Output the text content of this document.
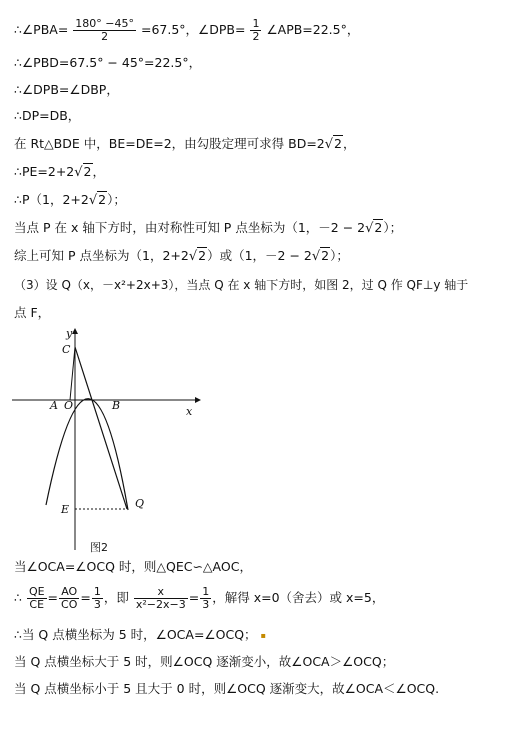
∴∠PBA= $\frac{180^\circ -45^\circ}{2} =67.5^\circ$，∠DPB= $\frac{1}{2}$ ∠APB=22.5°，
∴∠PBD=67.5° − 45°=22.5°，
∴∠DPB=∠DBP，
∴DP=DB，
在 Rt△BDE 中，BE=DE=2，由勾股定理可求得 BD=2√2，
∴PE=2+2√2，
∴P（1，2+2√2）；
当点 P 在 x 轴下方时，由对称性可知 P 点坐标为（1，－2 − 2√2）；
综上可知 P 点坐标为（1，2+2√2）或（1，－2 − 2√2）；
（3）设 Q（x，－x²+2x+3），当点 Q 在 x 轴下方时，如图 2，过 Q 作 QF⊥y 轴于
点 F，
y
x
C
A O	B
E	Q
图2
当∠OCA=∠OCQ 时，则△QEC∽△AOC，
∴ $\frac{QE}{CE} = \frac{AO}{CO} = \frac{1}{3}$ ，即 $\frac{x}{\text{x²−2x−3}} = \frac{1}{3}$ ，解得 x=0（舍去）或 x=5，
∴当 Q 点横坐标为 5 时，∠OCA=∠OCQ； ▪
当 Q 点横坐标大于 5 时，则∠OCQ 逐渐变小，故∠OCA＞∠OCQ；
当 Q 点横坐标小于 5 且大于 0 时，则∠OCQ 逐渐变大，故∠OCA＜∠OCQ.
